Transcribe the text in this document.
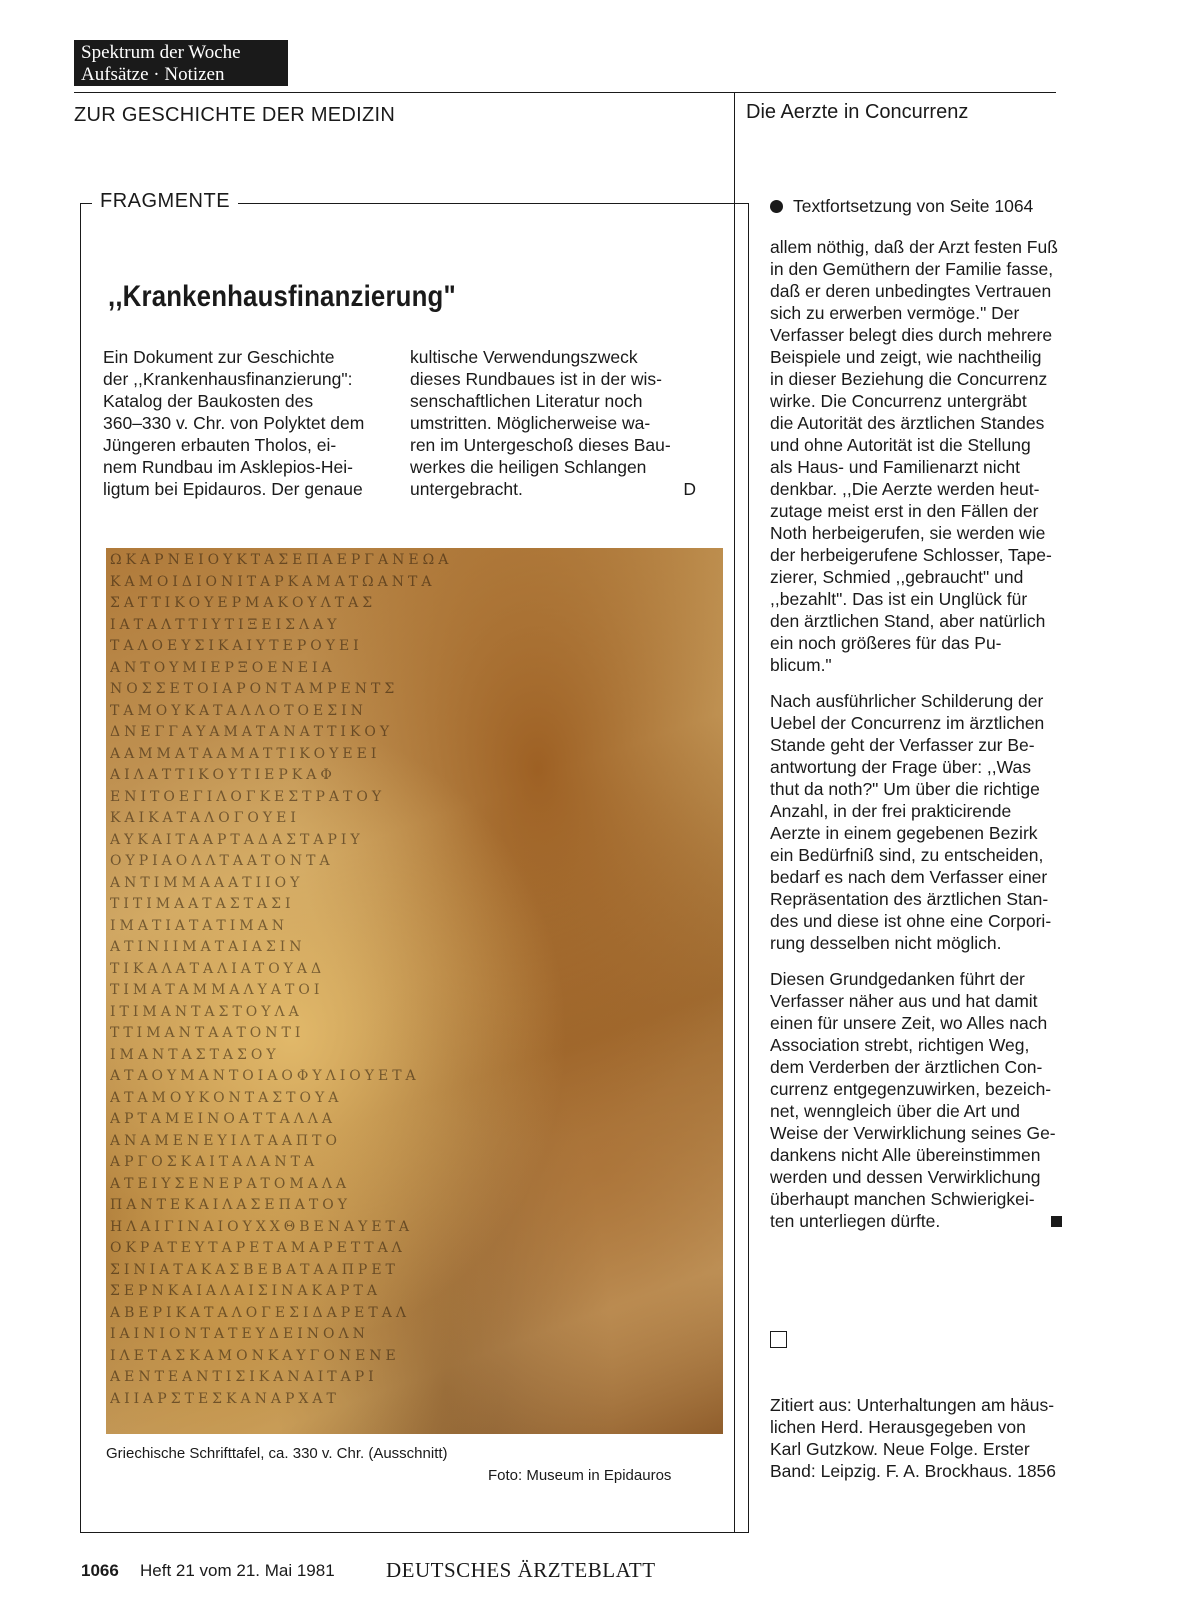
Spektrum der Woche
Aufsätze · Notizen
ZUR GESCHICHTE DER MEDIZIN	Die Aerzte in Concurrenz
FRAGMENTE
,,Krankenhausfinanzierung"

Ein Dokument zur Geschichte

der ,,Krankenhausfinanzierung":

Katalog der Baukosten des

360–330 v. Chr. von Polyktet dem

Jüngeren erbauten Tholos, ei-

nem Rundbau im Asklepios-Hei-

ligtum bei Epidauros. Der genaue

kultische Verwendungszweck

dieses Rundbaues ist in der wis-

senschaftlichen Literatur noch

umstritten. Möglicherweise wa-

ren im Untergeschoß dieses Bau-

werkes die heiligen Schlangen

untergebracht.	D

ΩΚΑΡΝΕΙΟΥΚΤΑΣΕΠΑΕΡΓΑΝΕΩΑ
ΚΑΜΟΙΔΙΟΝΙΤΑΡΚΑΜΑΤΩΑΝΤΑ
ΣΑΤΤΙΚΟΥΕΡΜΑΚΟΥΛΤΑΣ
ΙΑΤΑΛΤΤΙΥΤΙΞΕΙΣΛΑΥ
ΤΑΛΟΕΥΣΙΚΑΙΥΤΕΡΟΥΕΙ
ΑΝΤΟΥΜΙΕΡΞΟΕΝΕΙΑ
ΝΟΣΣΕΤΟΙΑΡΟΝΤΑΜΡΕΝΤΣ
ΤΑΜΟΥΚΑΤΑΛΛΟΤΟΕΣΙΝ
ΔΝΕΓΓΑΥΑΜΑΤΑΝΑΤΤΙΚΟΥ
ΑΑΜΜΑΤΑΑΜΑΤΤΙΚΟΥΕΕΙ
ΑΙΛΑΤΤΙΚΟΥΤΙΕΡΚΑΦ
ΕΝΙΤΟΕΓΙΛΟΓΚΕΣΤΡΑΤΟΥ
ΚΑΙΚΑΤΑΛΟΓΟΥΕΙ
ΑΥΚΑΙΤΑΑΡΤΑΔΑΣΤΑΡΙΥ
ΟΥΡΙΑΟΛΛΤΑΑΤΟΝΤΑ
ΑΝΤΙΜΜΑΑΑΤΙΙΟΥ
ΤΙΤΙΜΑΑΤΑΣΤΑΣΙ
ΙΜΑΤΙΑΤΑΤΙΜΑΝ
ΑΤΙΝΙΙΜΑΤΑΙΑΣΙΝ
ΤΙΚΑΛΑΤΑΛΙΑΤΟΥΑΔ
ΤΙΜΑΤΑΜΜΑΛΥΑΤΟΙ
ΙΤΙΜΑΝΤΑΣΤΟΥΛΑ
ΤΤΙΜΑΝΤΑΑΤΟΝΤΙ
ΙΜΑΝΤΑΣΤΑΣΟΥ
ΑΤΑΟΥΜΑΝΤΟΙΑΟΦΥΛΙΟΥΕΤΑ
ΑΤΑΜΟΥΚΟΝΤΑΣΤΟΥΑ
ΑΡΤΑΜΕΙΝΟΑΤΤΑΛΛΑ
ΑΝΑΜΕΝΕΥΙΛΤΑΑΠΤΟ
ΑΡΓΟΣΚΑΙΤΑΛΑΝΤΑ
ΑΤΕΙΥΣΕΝΕΡΑΤΟΜΑΛΑ
ΠΑΝΤΕΚΑΙΛΑΣΕΠΑΤΟΥ
ΗΛΑΙΓΙΝΑΙΟΥΧΧΘΒΕΝΑΥΕΤΑ
ΟΚΡΑΤΕΥΤΑΡΕΤΑΜΑΡΕΤΤΑΛ
ΣΙΝΙΑΤΑΚΑΣΒΕΒΑΤΑΑΠΡΕΤ
ΣΕΡΝΚΑΙΑΛΑΙΣΙΝΑΚΑΡΤΑ
ΑΒΕΡΙΚΑΤΑΛΟΓΕΣΙΔΑΡΕΤΑΛ
ΙΑΙΝΙΟΝΤΑΤΕΥΔΕΙΝΟΛΝ
ΙΛΕΤΑΣΚΑΜΟΝΚΑΥΓΟΝΕΝΕ
ΑΕΝΤΕΑΝΤΙΣΙΚΑΝΑΙΤΑΡΙ
ΑΙΙΑΡΣΤΕΣΚΑΝΑΡΧΑΤ
Griechische Schrifttafel, ca. 330 v. Chr. (Ausschnitt)
Foto: Museum in Epidauros
Textfortsetzung von Seite 1064

allem nöthig, daß der Arzt festen Fuß

in den Gemüthern der Familie fasse,

daß er deren unbedingtes Vertrauen

sich zu erwerben vermöge." Der

Verfasser belegt dies durch mehrere

Beispiele und zeigt, wie nachtheilig

in dieser Beziehung die Concurrenz

wirke. Die Concurrenz untergräbt

die Autorität des ärztlichen Standes

und ohne Autorität ist die Stellung

als Haus- und Familienarzt nicht

denkbar. ,,Die Aerzte werden heut-

zutage meist erst in den Fällen der

Noth herbeigerufen, sie werden wie

der herbeigerufene Schlosser, Tape-

zierer, Schmied ,,gebraucht" und

,,bezahlt". Das ist ein Unglück für

den ärztlichen Stand, aber natürlich

ein noch größeres für das Pu-

blicum."

Nach ausführlicher Schilderung der

Uebel der Concurrenz im ärztlichen

Stande geht der Verfasser zur Be-

antwortung der Frage über: ,,Was

thut da noth?" Um über die richtige

Anzahl, in der frei prakticirende

Aerzte in einem gegebenen Bezirk

ein Bedürfniß sind, zu entscheiden,

bedarf es nach dem Verfasser einer

Repräsentation des ärztlichen Stan-

des und diese ist ohne eine Corpori-

rung desselben nicht möglich.

Diesen Grundgedanken führt der

Verfasser näher aus und hat damit

einen für unsere Zeit, wo Alles nach

Association strebt, richtigen Weg,

dem Verderben der ärztlichen Con-

currenz entgegenzuwirken, bezeich-

net, wenngleich über die Art und

Weise der Verwirklichung seines Ge-

dankens nicht Alle übereinstimmen

werden und dessen Verwirklichung

überhaupt manchen Schwierigkei-

ten unterliegen dürfte.

Zitiert aus: Unterhaltungen am häus-

lichen Herd. Herausgegeben von

Karl Gutzkow. Neue Folge. Erster

Band: Leipzig. F. A. Brockhaus. 1856

1066 Heft 21 vom 21. Mai 1981 DEUTSCHES ÄRZTEBLATT
